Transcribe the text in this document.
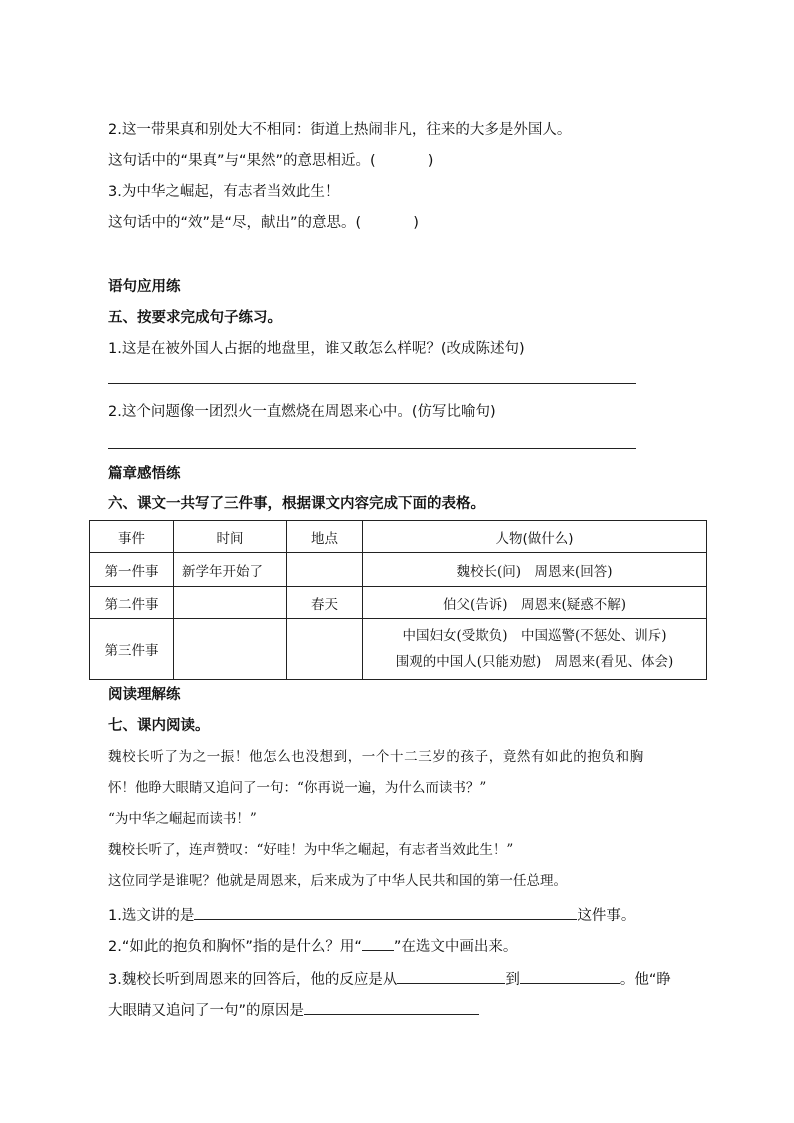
2.这一带果真和别处大不相同：街道上热闹非凡，往来的大多是外国人。
这句话中的“果真”与“果然”的意思相近。(	)
3.为中华之崛起，有志者当效此生！
这句话中的“效”是“尽，献出”的意思。(	)
语句应用练
五、按要求完成句子练习。
1.这是在被外国人占据的地盘里，谁又敢怎么样呢？(改成陈述句)
2.这个问题像一团烈火一直燃烧在周恩来心中。(仿写比喻句)
篇章感悟练
六、课文一共写了三件事，根据课文内容完成下面的表格。
事件	时间	地点	人物(做什么)
第一件事	新学年开始了		魏校长(问)　周恩来(回答)
第二件事		春天	伯父(告诉)　周恩来(疑惑不解)
第三件事			中国妇女(受欺负)　中国巡警(不惩处、训斥)
围观的中国人(只能劝慰)　周恩来(看见、体会)
阅读理解练
七、课内阅读。
魏校长听了为之一振！他怎么也没想到，一个十二三岁的孩子，竟然有如此的抱负和胸
怀！他睁大眼睛又追问了一句：“你再说一遍，为什么而读书？”
“为中华之崛起而读书！”
魏校长听了，连声赞叹：“好哇！为中华之崛起，有志者当效此生！”
这位同学是谁呢？他就是周恩来，后来成为了中华人民共和国的第一任总理。
1.选文讲的是	这件事。
2.“如此的抱负和胸怀”指的是什么？用“ ”在选文中画出来。
3.魏校长听到周恩来的回答后，他的反应是从	到	。他“睁
大眼睛又追问了一句”的原因是
